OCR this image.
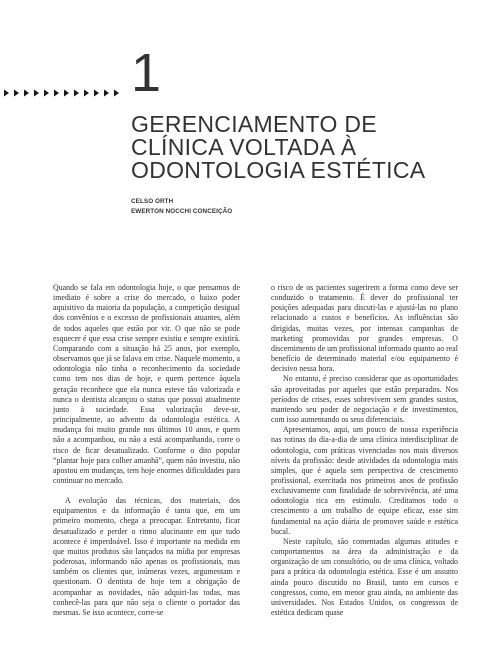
1
GERENCIAMENTO DE
CLÍNICA VOLTADA À
ODONTOLOGIA ESTÉTICA
CELSO ORTH
EWERTON NOCCHI CONCEIÇÃO

Quando se fala em odontologia hoje, o que pensamos de imediato é sobre a crise do mercado, o baixo poder aquisitivo da maioria da população, a competição desigual dos convênios e o excesso de profissionais atuantes, além de todos aqueles que estão por vir. O que não se pode esquecer é que essa crise sempre existiu e sempre existirá. Comparando com a situação há 25 anos, por exemplo, observamos que já se falava em crise. Naquele momento, a odontologia não tinha o reconhecimento da sociedade como tem nos dias de hoje, e quem pertence àquela geração reconhece que ela nunca esteve tão valorizada e nunca o dentista alcançou o status que possui atualmente junto à sociedade. Essa valorização deve-se, principalmente, ao advento da odontologia estética. A mudança foi muito grande nos últimos 10 anos, e quem não a acompanhou, ou não a está acompanhando, corre o risco de ficar desatualizado. Conforme o dito popular “plantar hoje para colher amanhã”, quem não investiu, não apostou em mudanças, tem hoje enormes dificuldades para continuar no mercado.

A evolução das técnicas, dos materiais, dos equipamentos e da informação é tanta que, em um primeiro momento, chega a preocupar. Entretanto, ficar desatualizado e perder o ritmo alucinante em que tudo acontece é imperdoável. Isso é importante na medida em que muitos produtos são lançados na mídia por empresas poderosas, informando não apenas os profissionais, mas também os clientes que, inúmeras vezes, argumentam e questionam. O dentista de hoje tem a obrigação de acompanhar as novidades, não adquiri-las todas, mas conhecê-las para que não seja o cliente o portador das mesmas. Se isso acontece, corre-se

o risco de os pacientes sugerirem a forma como deve ser conduzido o tratamento. É dever do profissional ter posições adequadas para discuti-las e ajustá-las no plano relacionado a custos e benefícios. As influências são dirigidas, muitas vezes, por intensas campanhas de marketing promovidas por grandes empresas. O discernimento de um profissional informado quanto ao real benefício de determinado material e/ou equipamento é decisivo nessa hora.

No entanto, é preciso considerar que as oportunidades são aproveitadas por aqueles que estão preparados. Nos períodos de crises, esses sobrevivem sem grandes sustos, mantendo seu poder de negociação e de investimentos, com isso aumentando os seus diferenciais.

Apresentamos, aqui, um pouco de nossa experiência nas rotinas do dia-a-dia de uma clínica interdisciplinar de odontologia, com práticas vivenciadas nos mais diversos níveis da profissão: desde atividades da odontologia mais simples, que é aquela sem perspectiva de crescimento profissional, exercitada nos primeiros anos de profissão exclusivamente com finalidade de sobrevivência, até uma odontologia rica em estímulo. Creditamos todo o crescimento a um trabalho de equipe eficaz, esse sim fundamental na ação diária de promover saúde e estética bucal.

Neste capítulo, são comentadas algumas atitudes e comportamentos na área da administração e da organização de um consultório, ou de uma clínica, voltado para a prática da odontologia estética. Esse é um assunto ainda pouco discutido no Brasil, tanto em cursos e congressos, como, em menor grau ainda, no ambiente das universidades. Nos Estados Unidos, os congressos de estética dedicam quase
